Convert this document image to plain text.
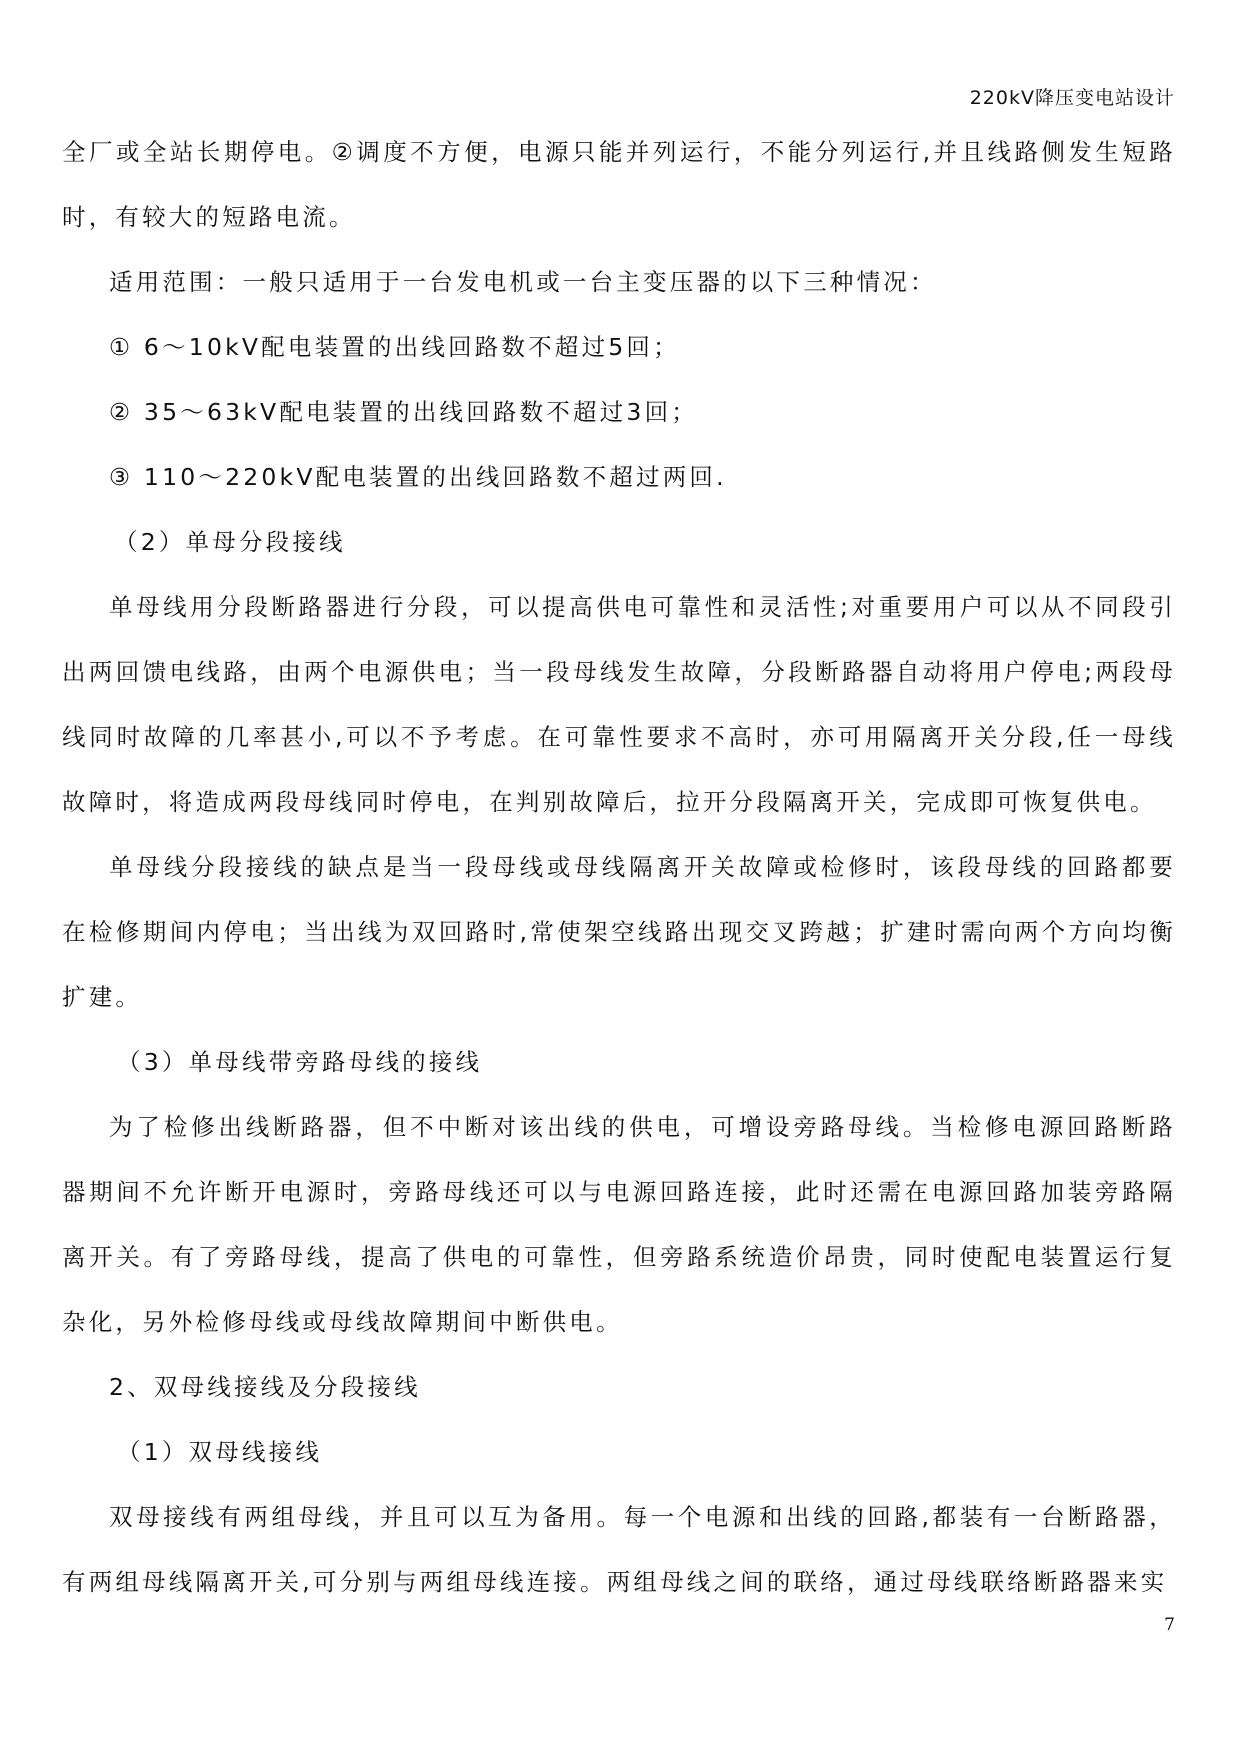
220kV降压变电站设计

全厂或全站长期停电。②调度不方便，电源只能并列运行，不能分列运行,并且线路侧发生短路时，有较大的短路电流。

适用范围：一般只适用于一台发电机或一台主变压器的以下三种情况：

① 6～10kV配电装置的出线回路数不超过5回；

② 35～63kV配电装置的出线回路数不超过3回；

③ 110～220kV配电装置的出线回路数不超过两回.

（2）单母分段接线

单母线用分段断路器进行分段，可以提高供电可靠性和灵活性;对重要用户可以从不同段引出两回馈电线路，由两个电源供电；当一段母线发生故障，分段断路器自动将用户停电;两段母线同时故障的几率甚小,可以不予考虑。在可靠性要求不高时，亦可用隔离开关分段,任一母线故障时，将造成两段母线同时停电，在判别故障后，拉开分段隔离开关，完成即可恢复供电。

单母线分段接线的缺点是当一段母线或母线隔离开关故障或检修时，该段母线的回路都要在检修期间内停电；当出线为双回路时,常使架空线路出现交叉跨越；扩建时需向两个方向均衡扩建。

（3）单母线带旁路母线的接线

为了检修出线断路器，但不中断对该出线的供电，可增设旁路母线。当检修电源回路断路器期间不允许断开电源时，旁路母线还可以与电源回路连接，此时还需在电源回路加装旁路隔离开关。有了旁路母线，提高了供电的可靠性，但旁路系统造价昂贵，同时使配电装置运行复杂化，另外检修母线或母线故障期间中断供电。

2、双母线接线及分段接线

（1）双母线接线

双母接线有两组母线，并且可以互为备用。每一个电源和出线的回路,都装有一台断路器，有两组母线隔离开关,可分别与两组母线连接。两组母线之间的联络，通过母线联络断路器来实

7
